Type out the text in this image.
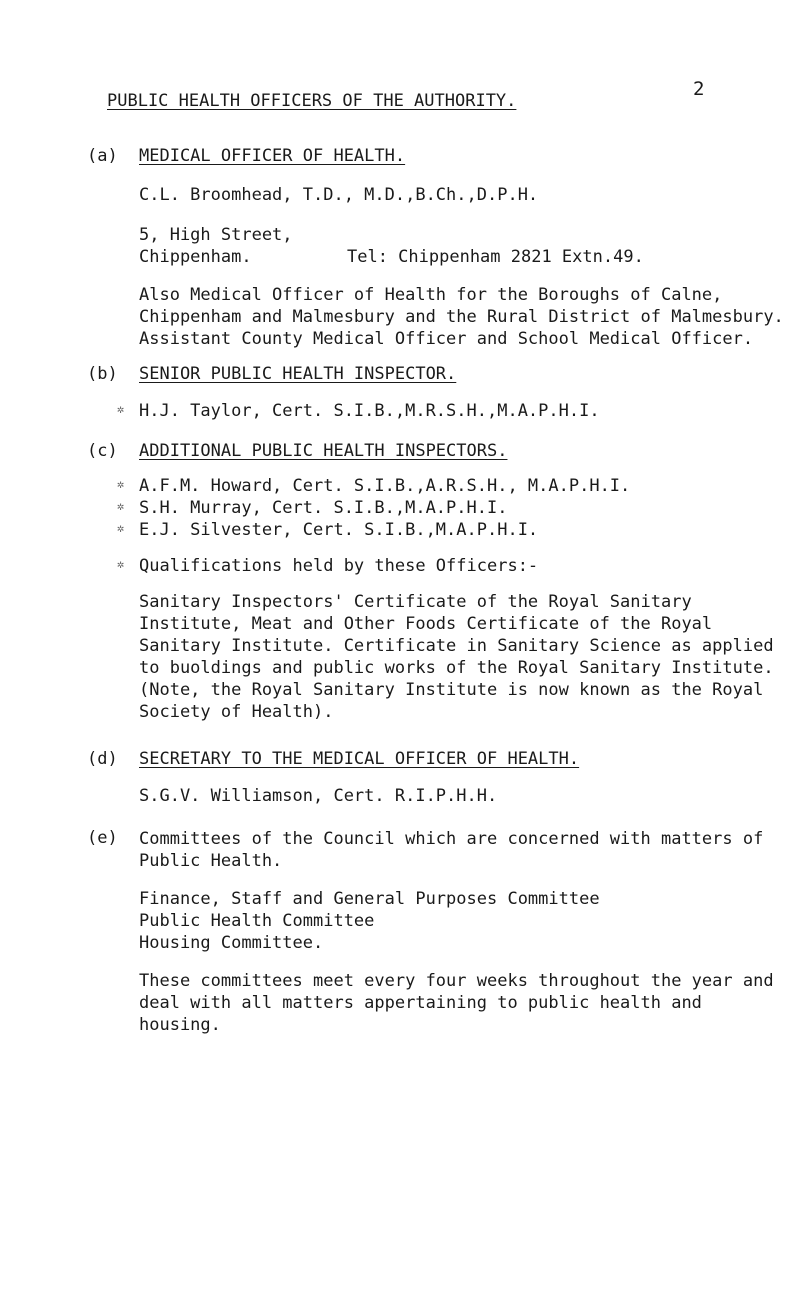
2
PUBLIC HEALTH OFFICERS OF THE AUTHORITY.
(a)	MEDICAL OFFICER OF HEALTH.

C.L. Broomhead, T.D., M.D.,B.Ch.,D.P.H.

5, High Street,

Chippenham.	Tel: Chippenham 2821 Extn.49.

Also Medical Officer of Health for the Boroughs of Calne, Chippenham and Malmesbury and the Rural District of Malmesbury. Assistant County Medical Officer and School Medical Officer.

(b)	SENIOR PUBLIC HEALTH INSPECTOR.

H.J. Taylor, Cert. S.I.B.,M.R.S.H.,M.A.P.H.I.

✲
(c)	ADDITIONAL PUBLIC HEALTH INSPECTORS.

A.F.M. Howard, Cert. S.I.B.,A.R.S.H., M.A.P.H.I.

S.H. Murray, Cert. S.I.B.,M.A.P.H.I.

E.J. Silvester, Cert. S.I.B.,M.A.P.H.I.

Qualifications held by these Officers:-

Sanitary Inspectors' Certificate of the Royal Sanitary Institute, Meat and Other Foods Certificate of the Royal Sanitary Institute. Certificate in Sanitary Science as applied to buoldings and public works of the Royal Sanitary Institute. (Note, the Royal Sanitary Institute is now known as the Royal Society of Health).

✲
✲
✲
✲
(d)	SECRETARY TO THE MEDICAL OFFICER OF HEALTH.

S.G.V. Williamson, Cert. R.I.P.H.H.

(e)	Committees of the Council which are concerned with matters of Public Health.

Finance, Staff and General Purposes Committee

Public Health Committee

Housing Committee.

These committees meet every four weeks throughout the year and deal with all matters appertaining to public health and housing.
